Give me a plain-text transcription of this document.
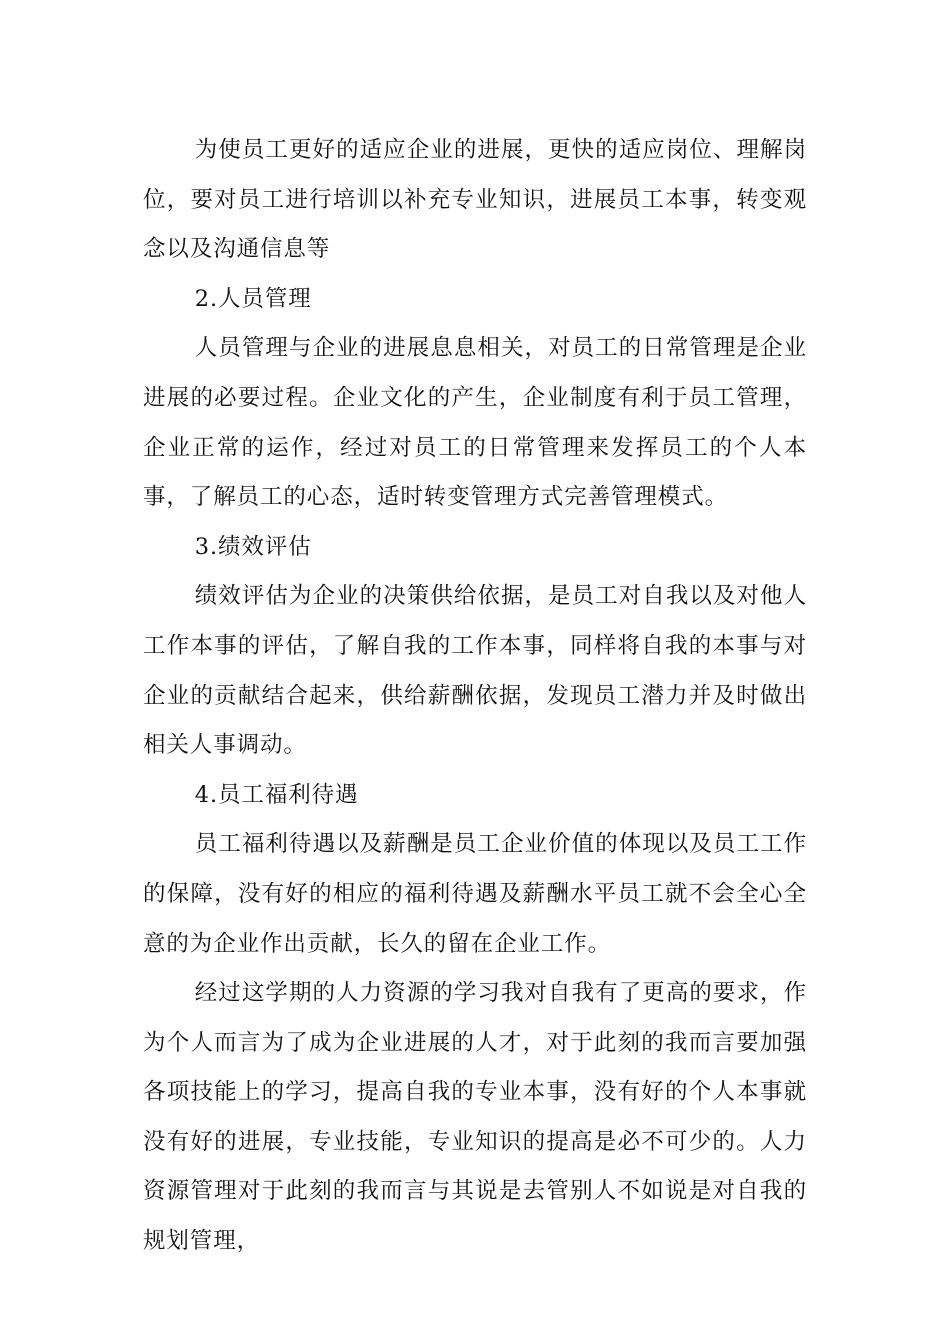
为使员工更好的适应企业的进展，更快的适应岗位、理解岗位，要对员工进行培训以补充专业知识，进展员工本事，转变观念以及沟通信息等

2.人员管理

人员管理与企业的进展息息相关，对员工的日常管理是企业进展的必要过程。企业文化的产生，企业制度有利于员工管理，企业正常的运作，经过对员工的日常管理来发挥员工的个人本事，了解员工的心态，适时转变管理方式完善管理模式。

3.绩效评估

绩效评估为企业的决策供给依据，是员工对自我以及对他人工作本事的评估，了解自我的工作本事，同样将自我的本事与对企业的贡献结合起来，供给薪酬依据，发现员工潜力并及时做出相关人事调动。

4.员工福利待遇

员工福利待遇以及薪酬是员工企业价值的体现以及员工工作的保障，没有好的相应的福利待遇及薪酬水平员工就不会全心全意的为企业作出贡献，长久的留在企业工作。

经过这学期的人力资源的学习我对自我有了更高的要求，作为个人而言为了成为企业进展的人才，对于此刻的我而言要加强各项技能上的学习，提高自我的专业本事，没有好的个人本事就没有好的进展，专业技能，专业知识的提高是必不可少的。人力资源管理对于此刻的我而言与其说是去管别人不如说是对自我的规划管理，
